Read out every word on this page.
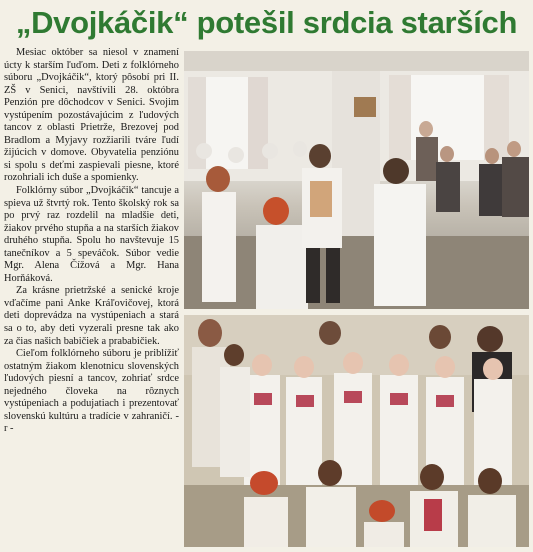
„Dvojkáčik“ potešil srdcia starších

Mesiac október sa niesol v znamení úcty k starším ľuďom. Deti z folklórneho súboru „Dvojkáčik“, ktorý pôsobí pri II. ZŠ v Senici, navštívili 28. októbra Penzión pre dôchodcov v Senici. Svojim vystúpením pozostávajúcim z ľudových tancov z oblasti Prietrže, Brezovej pod Bradlom a Myjavy rozžiarili tváre ľudí žijúcich v domove. Obyvatelia penziónu si spolu s deťmi zaspievali piesne, ktoré rozohriali ich duše a spomienky.

Folklórny súbor „Dvojkáčik“ tancuje a spieva už štvrtý rok. Tento školský rok sa po prvý raz rozdelil na mladšie deti, žiakov prvého stupňa a na starších žiakov druhého stupňa. Spolu ho navštevuje 15 tanečníkov a 5 speváčok. Súbor vedie Mgr. Alena Čížová a Mgr. Hana Horňáková.

Za krásne prietržské a senické kroje vďačíme pani Anke Kráľovičovej, ktorá deti doprevádza na vystúpeniach a stará sa o to, aby deti vyzerali presne tak ako za čias našich babičiek a prababičiek.

Cieľom folklórneho súboru je priblížiť ostatným žiakom klenotnicu slovenských ľudových piesní a tancov, zohriať srdce nejedného človeka na rôznych vystúpeniach a podujatiach i prezentovať slovenskú kultúru a tradície v zahraničí. - r -
